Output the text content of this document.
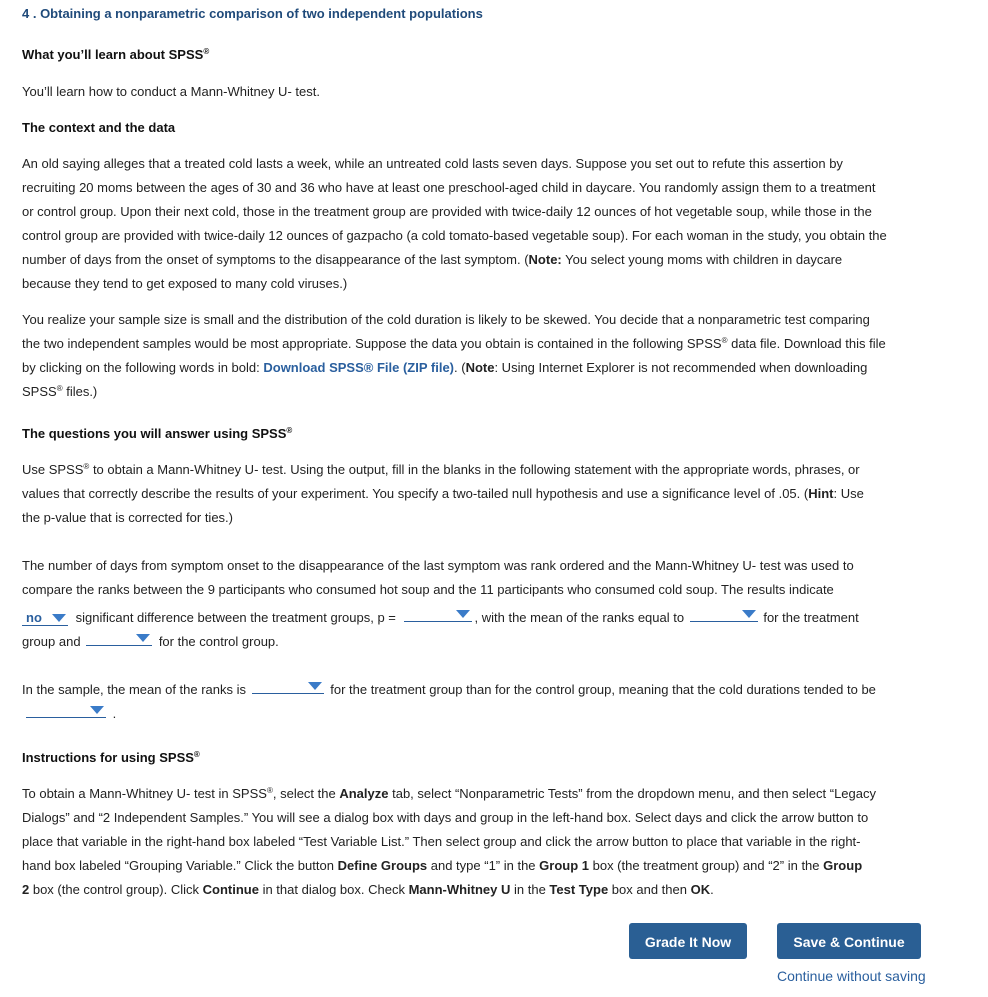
4 . Obtaining a nonparametric comparison of two independent populations
What you’ll learn about SPSS®
You’ll learn how to conduct a Mann-Whitney U- test.
The context and the data
An old saying alleges that a treated cold lasts a week, while an untreated cold lasts seven days. Suppose you set out to refute this assertion by
recruiting 20 moms between the ages of 30 and 36 who have at least one preschool-aged child in daycare. You randomly assign them to a treatment
or control group. Upon their next cold, those in the treatment group are provided with twice-daily 12 ounces of hot vegetable soup, while those in the
control group are provided with twice-daily 12 ounces of gazpacho (a cold tomato-based vegetable soup). For each woman in the study, you obtain the
number of days from the onset of symptoms to the disappearance of the last symptom. (Note: You select young moms with children in daycare
because they tend to get exposed to many cold viruses.)
You realize your sample size is small and the distribution of the cold duration is likely to be skewed. You decide that a nonparametric test comparing
the two independent samples would be most appropriate. Suppose the data you obtain is contained in the following SPSS® data file. Download this file
by clicking on the following words in bold: Download SPSS® File (ZIP file). (Note: Using Internet Explorer is not recommended when downloading
SPSS® files.)
The questions you will answer using SPSS®
Use SPSS® to obtain a Mann-Whitney U- test. Using the output, fill in the blanks in the following statement with the appropriate words, phrases, or
values that correctly describe the results of your experiment. You specify a two-tailed null hypothesis and use a significance level of .05. (Hint: Use
the p-value that is corrected for ties.)
The number of days from symptom onset to the disappearance of the last symptom was rank ordered and the Mann-Whitney U- test was used to
compare the ranks between the 9 participants who consumed hot soup and the 11 participants who consumed cold soup. The results indicate
no	significant difference between the treatment groups, p =	, with the mean of the ranks equal to	for the treatment
group and	for the control group.
In the sample, the mean of the ranks is	for the treatment group than for the control group, meaning that the cold durations tended to be
.
Instructions for using SPSS®
To obtain a Mann-Whitney U- test in SPSS®, select the Analyze tab, select “Nonparametric Tests” from the dropdown menu, and then select “Legacy
Dialogs” and “2 Independent Samples.” You will see a dialog box with days and group in the left-hand box. Select days and click the arrow button to
place that variable in the right-hand box labeled “Test Variable List.” Then select group and click the arrow button to place that variable in the right-
hand box labeled “Grouping Variable.” Click the button Define Groups and type “1” in the Group 1 box (the treatment group) and “2” in the Group
2 box (the control group). Click Continue in that dialog box. Check Mann-Whitney U in the Test Type box and then OK.
Grade It Now	Save & Continue
Continue without saving
